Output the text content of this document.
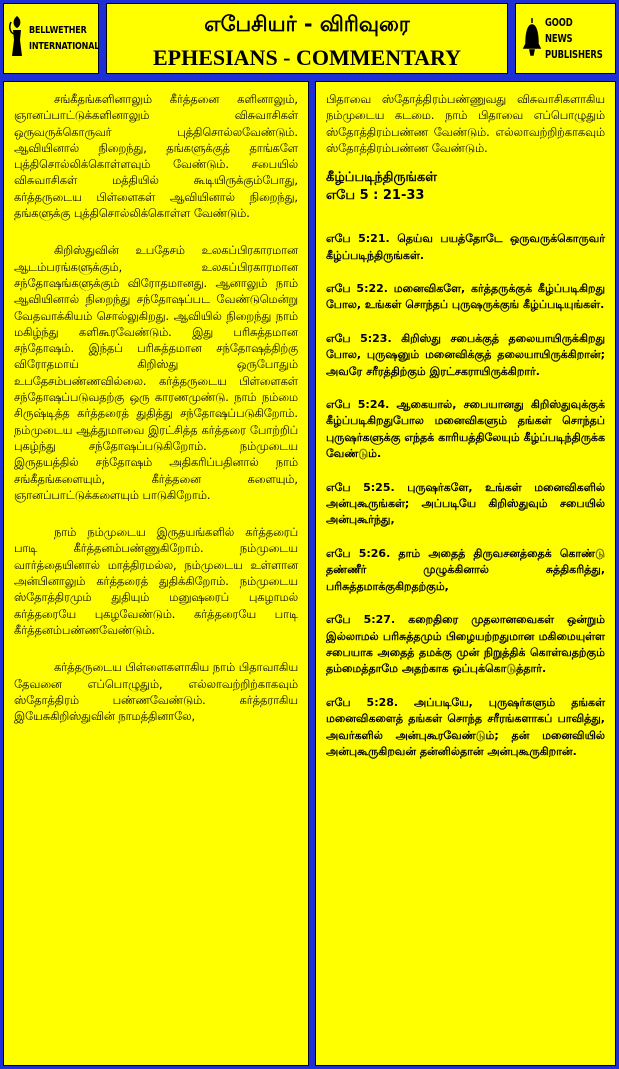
BELLWETHER
INTERNATIONAL
எபேசியர் - விரிவுரை
EPHESIANS - COMMENTARY
GOOD NEWS
PUBLISHERS

சங்கீதங்களினாலும் கீர்த்தனை களினாலும், ஞானப்பாட்டுக்களினாலும் விசுவாசிகள் ஒருவருக்கொருவர் புத்திசொல்லவேண்டும். ஆவியினால் நிறைந்து, தங்களுக்குத் தாங்களே புத்திசொல்லிக்கொள்ளவும் வேண்டும். சபையில் விசுவாசிகள் மத்தியில் கூடியிருக்கும்போது, கர்த்தருடைய பிள்ளைகள் ஆவியினால் நிறைந்து, தங்களுக்கு புத்திசொல்லிக்கொள்ள வேண்டும்.

கிறிஸ்துவின் உபதேசம் உலகப்பிரகாரமான ஆடம்பரங்களுக்கும், உலகப்பிரகாரமான சந்தோஷங்களுக்கும் விரோதமானது. ஆனாலும் நாம் ஆவியினால் நிறைந்து சந்தோஷப்பட வேண்டுமென்று வேதவாக்கியம் சொல்லுகிறது. ஆவியில் நிறைந்து நாம் மகிழ்ந்து களிகூரவேண்டும். இது பரிசுத்தமான சந்தோஷம். இந்தப் பரிசுத்தமான சந்தோஷத்திற்கு விரோதமாய் கிறிஸ்து ஒருபோதும் உபதேசம்பண்ணவில்லை. கர்த்தருடைய பிள்ளைகள் சந்தோஷப்படுவதற்கு ஒரு காரணமுண்டு. நாம் நம்மை சிருஷ்டித்த கர்த்தரைத் துதித்து சந்தோஷப்படுகிறோம். நம்முடைய ஆத்துமாவை இரட்சித்த கர்த்தரை போற்றிப் புகழ்ந்து சந்தோஷப்படுகிறோம். நம்முடைய இருதயத்தில் சந்தோஷம் அதிகரிப்பதினால் நாம் சங்கீதங்களையும், கீர்த்தனை களையும், ஞானப்பாட்டுக்களையும் பாடுகிறோம்.

நாம் நம்முடைய இருதயங்களில் கர்த்தரைப் பாடி கீர்த்தனம்பண்ணுகிறோம். நம்முடைய வார்த்தையினால் மாத்திரமல்ல, நம்முடைய உள்ளான அன்பினாலும் கர்த்தரைத் துதிக்கிறோம். நம்முடைய ஸ்தோத்திரமும் துதியும் மனுஷரைப் புகழாமல் கர்த்தரையே புகழவேண்டும். கர்த்தரையே பாடி கீர்த்தனம்பண்ணவேண்டும்.

கர்த்தருடைய பிள்ளைகளாகிய நாம் பிதாவாகிய தேவனை எப்பொழுதும், எல்லாவற்றிற்காகவும் ஸ்தோத்திரம் பண்ணவேண்டும். கர்த்தராகிய இயேசுகிறிஸ்துவின் நாமத்தினாலே,

பிதாவை ஸ்தோத்திரம்பண்ணுவது விசுவாசிகளாகிய நம்முடைய கடமை. நாம் பிதாவை எப்பொழுதும் ஸ்தோத்திரம்பண்ண வேண்டும். எல்லாவற்றிற்காகவும் ஸ்தோத்திரம்பண்ண வேண்டும்.

கீழ்ப்படிந்திருங்கள்
எபே 5 : 21-33

எபே 5:21. தெய்வ பயத்தோடே ஒருவருக்கொருவர் கீழ்ப்படிந்திருங்கள்.

எபே 5:22. மனைவிகளே, கர்த்தருக்குக் கீழ்ப்படிகிறது போல, உங்கள் சொந்தப் புருஷருக்குங் கீழ்ப்படியுங்கள்.

எபே 5:23. கிறிஸ்து சபைக்குத் தலையாயிருக்கிறது போல, புருஷனும் மனைவிக்குத் தலையாயிருக்கிறான்; அவரே சரீரத்திற்கும் இரட்சகராயிருக்கிறார்.

எபே 5:24. ஆகையால், சபையானது கிறிஸ்துவுக்குக் கீழ்ப்படிகிறதுபோல மனைவிகளும் தங்கள் சொந்தப் புருஷர்களுக்கு எந்தக் காரியத்திலேயும் கீழ்ப்படிந்திருக்க வேண்டும்.

எபே 5:25. புருஷர்களே, உங்கள் மனைவிகளில் அன்புகூருங்கள்; அப்படியே கிறிஸ்துவும் சபையில் அன்புகூர்ந்து,

எபே 5:26. தாம் அதைத் திருவசனத்தைக் கொண்டு தண்ணீர் முழுக்கினால் சுத்திகரித்து, பரிசுத்தமாக்குகிறதற்கும்,

எபே 5:27. கறைதிரை முதலானவைகள் ஒன்றும் இல்லாமல் பரிசுத்தமும் பிழையற்றதுமான மகிமையுள்ள சபையாக அதைத் தமக்கு முன் நிறுத்திக் கொள்வதற்கும் தம்மைத்தாமே அதற்காக ஒப்புக்கொடுத்தார்.

எபே 5:28. அப்படியே, புருஷர்களும் தங்கள் மனைவிகளைத் தங்கள் சொந்த சரீரங்களாகப் பாவித்து, அவர்களில் அன்புகூரவேண்டும்; தன் மனைவியில் அன்புகூருகிறவன் தன்னில்தான் அன்புகூருகிறான்.
